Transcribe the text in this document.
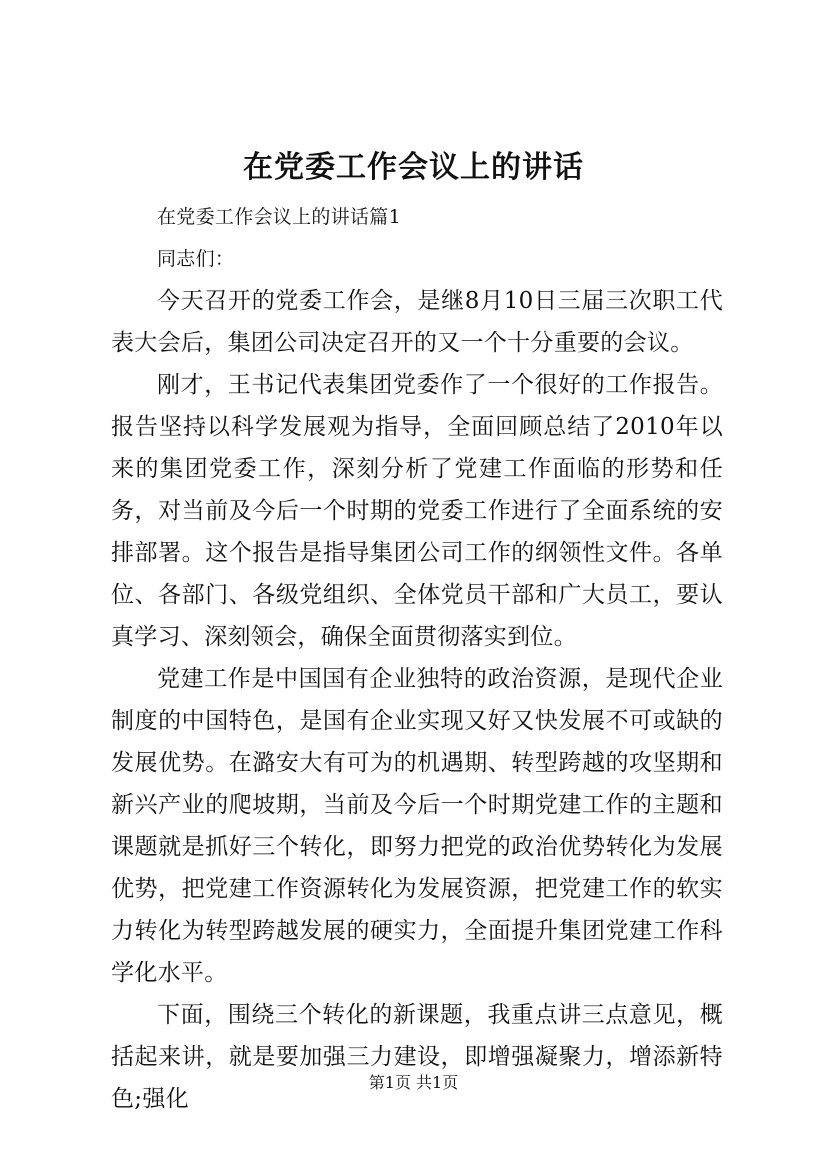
在党委工作会议上的讲话

在党委工作会议上的讲话篇1

同志们：

今天召开的党委工作会，是继8月10日三届三次职工代表大会后，集团公司决定召开的又一个十分重要的会议。

刚才，王书记代表集团党委作了一个很好的工作报告。报告坚持以科学发展观为指导，全面回顾总结了2010年以来的集团党委工作，深刻分析了党建工作面临的形势和任务，对当前及今后一个时期的党委工作进行了全面系统的安排部署。这个报告是指导集团公司工作的纲领性文件。各单位、各部门、各级党组织、全体党员干部和广大员工，要认真学习、深刻领会，确保全面贯彻落实到位。

党建工作是中国国有企业独特的政治资源，是现代企业制度的中国特色，是国有企业实现又好又快发展不可或缺的发展优势。在潞安大有可为的机遇期、转型跨越的攻坚期和新兴产业的爬坡期，当前及今后一个时期党建工作的主题和课题就是抓好三个转化，即努力把党的政治优势转化为发展优势，把党建工作资源转化为发展资源，把党建工作的软实力转化为转型跨越发展的硬实力，全面提升集团党建工作科学化水平。

下面，围绕三个转化的新课题，我重点讲三点意见，概括起来讲，就是要加强三力建设，即增强凝聚力，增添新特色;强化

第1页 共1页
